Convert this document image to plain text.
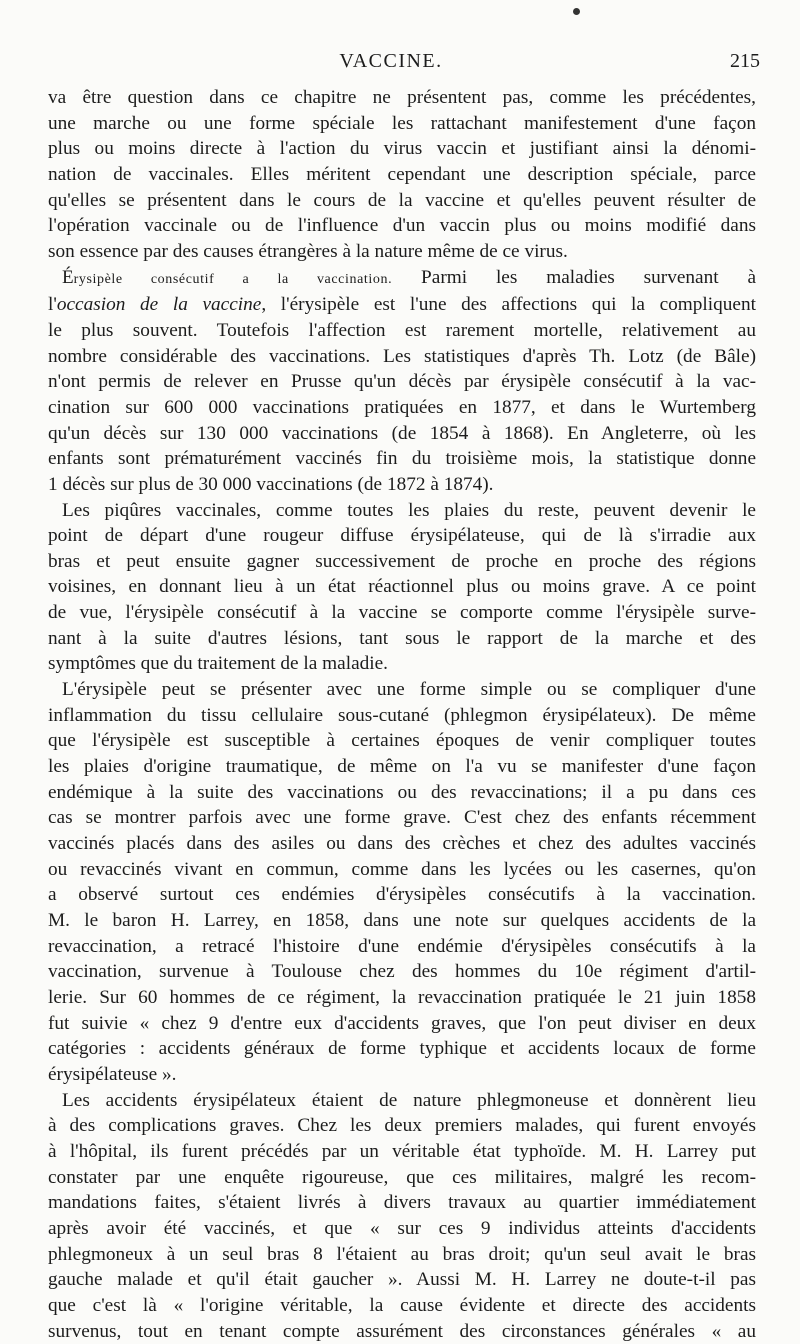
VACCINE.	215
va être question dans ce chapitre ne présentent pas, comme les précédentes,
une marche ou une forme spéciale les rattachant manifestement d'une façon
plus ou moins directe à l'action du virus vaccin et justifiant ainsi la dénomi-
nation de vaccinales. Elles méritent cependant une description spéciale, parce
qu'elles se présentent dans le cours de la vaccine et qu'elles peuvent résulter de
l'opération vaccinale ou de l'influence d'un vaccin plus ou moins modifié dans
son essence par des causes étrangères à la nature même de ce virus.
Érysipèle consécutif a la vaccination. Parmi les maladies survenant à
l'occasion de la vaccine, l'érysipèle est l'une des affections qui la compliquent
le plus souvent. Toutefois l'affection est rarement mortelle, relativement au
nombre considérable des vaccinations. Les statistiques d'après Th. Lotz (de Bâle)
n'ont permis de relever en Prusse qu'un décès par érysipèle consécutif à la vac-
cination sur 600 000 vaccinations pratiquées en 1877, et dans le Wurtemberg
qu'un décès sur 130 000 vaccinations (de 1854 à 1868). En Angleterre, où les
enfants sont prématurément vaccinés fin du troisième mois, la statistique donne
1 décès sur plus de 30 000 vaccinations (de 1872 à 1874).
Les piqûres vaccinales, comme toutes les plaies du reste, peuvent devenir le
point de départ d'une rougeur diffuse érysipélateuse, qui de là s'irradie aux
bras et peut ensuite gagner successivement de proche en proche des régions
voisines, en donnant lieu à un état réactionnel plus ou moins grave. A ce point
de vue, l'érysipèle consécutif à la vaccine se comporte comme l'érysipèle surve-
nant à la suite d'autres lésions, tant sous le rapport de la marche et des
symptômes que du traitement de la maladie.
L'érysipèle peut se présenter avec une forme simple ou se compliquer d'une
inflammation du tissu cellulaire sous-cutané (phlegmon érysipélateux). De même
que l'érysipèle est susceptible à certaines époques de venir compliquer toutes
les plaies d'origine traumatique, de même on l'a vu se manifester d'une façon
endémique à la suite des vaccinations ou des revaccinations; il a pu dans ces
cas se montrer parfois avec une forme grave. C'est chez des enfants récemment
vaccinés placés dans des asiles ou dans des crèches et chez des adultes vaccinés
ou revaccinés vivant en commun, comme dans les lycées ou les casernes, qu'on
a observé surtout ces endémies d'érysipèles consécutifs à la vaccination.
M. le baron H. Larrey, en 1858, dans une note sur quelques accidents de la
revaccination, a retracé l'histoire d'une endémie d'érysipèles consécutifs à la
vaccination, survenue à Toulouse chez des hommes du 10e régiment d'artil-
lerie. Sur 60 hommes de ce régiment, la revaccination pratiquée le 21 juin 1858
fut suivie « chez 9 d'entre eux d'accidents graves, que l'on peut diviser en deux
catégories : accidents généraux de forme typhique et accidents locaux de forme
érysipélateuse ».
Les accidents érysipélateux étaient de nature phlegmoneuse et donnèrent lieu
à des complications graves. Chez les deux premiers malades, qui furent envoyés
à l'hôpital, ils furent précédés par un véritable état typhoïde. M. H. Larrey put
constater par une enquête rigoureuse, que ces militaires, malgré les recom-
mandations faites, s'étaient livrés à divers travaux au quartier immédiatement
après avoir été vaccinés, et que « sur ces 9 individus atteints d'accidents
phlegmoneux à un seul bras 8 l'étaient au bras droit; qu'un seul avait le bras
gauche malade et qu'il était gaucher ». Aussi M. H. Larrey ne doute-t-il pas
que c'est là « l'origine véritable, la cause évidente et directe des accidents
survenus, tout en tenant compte assurément des circonstances générales « au
